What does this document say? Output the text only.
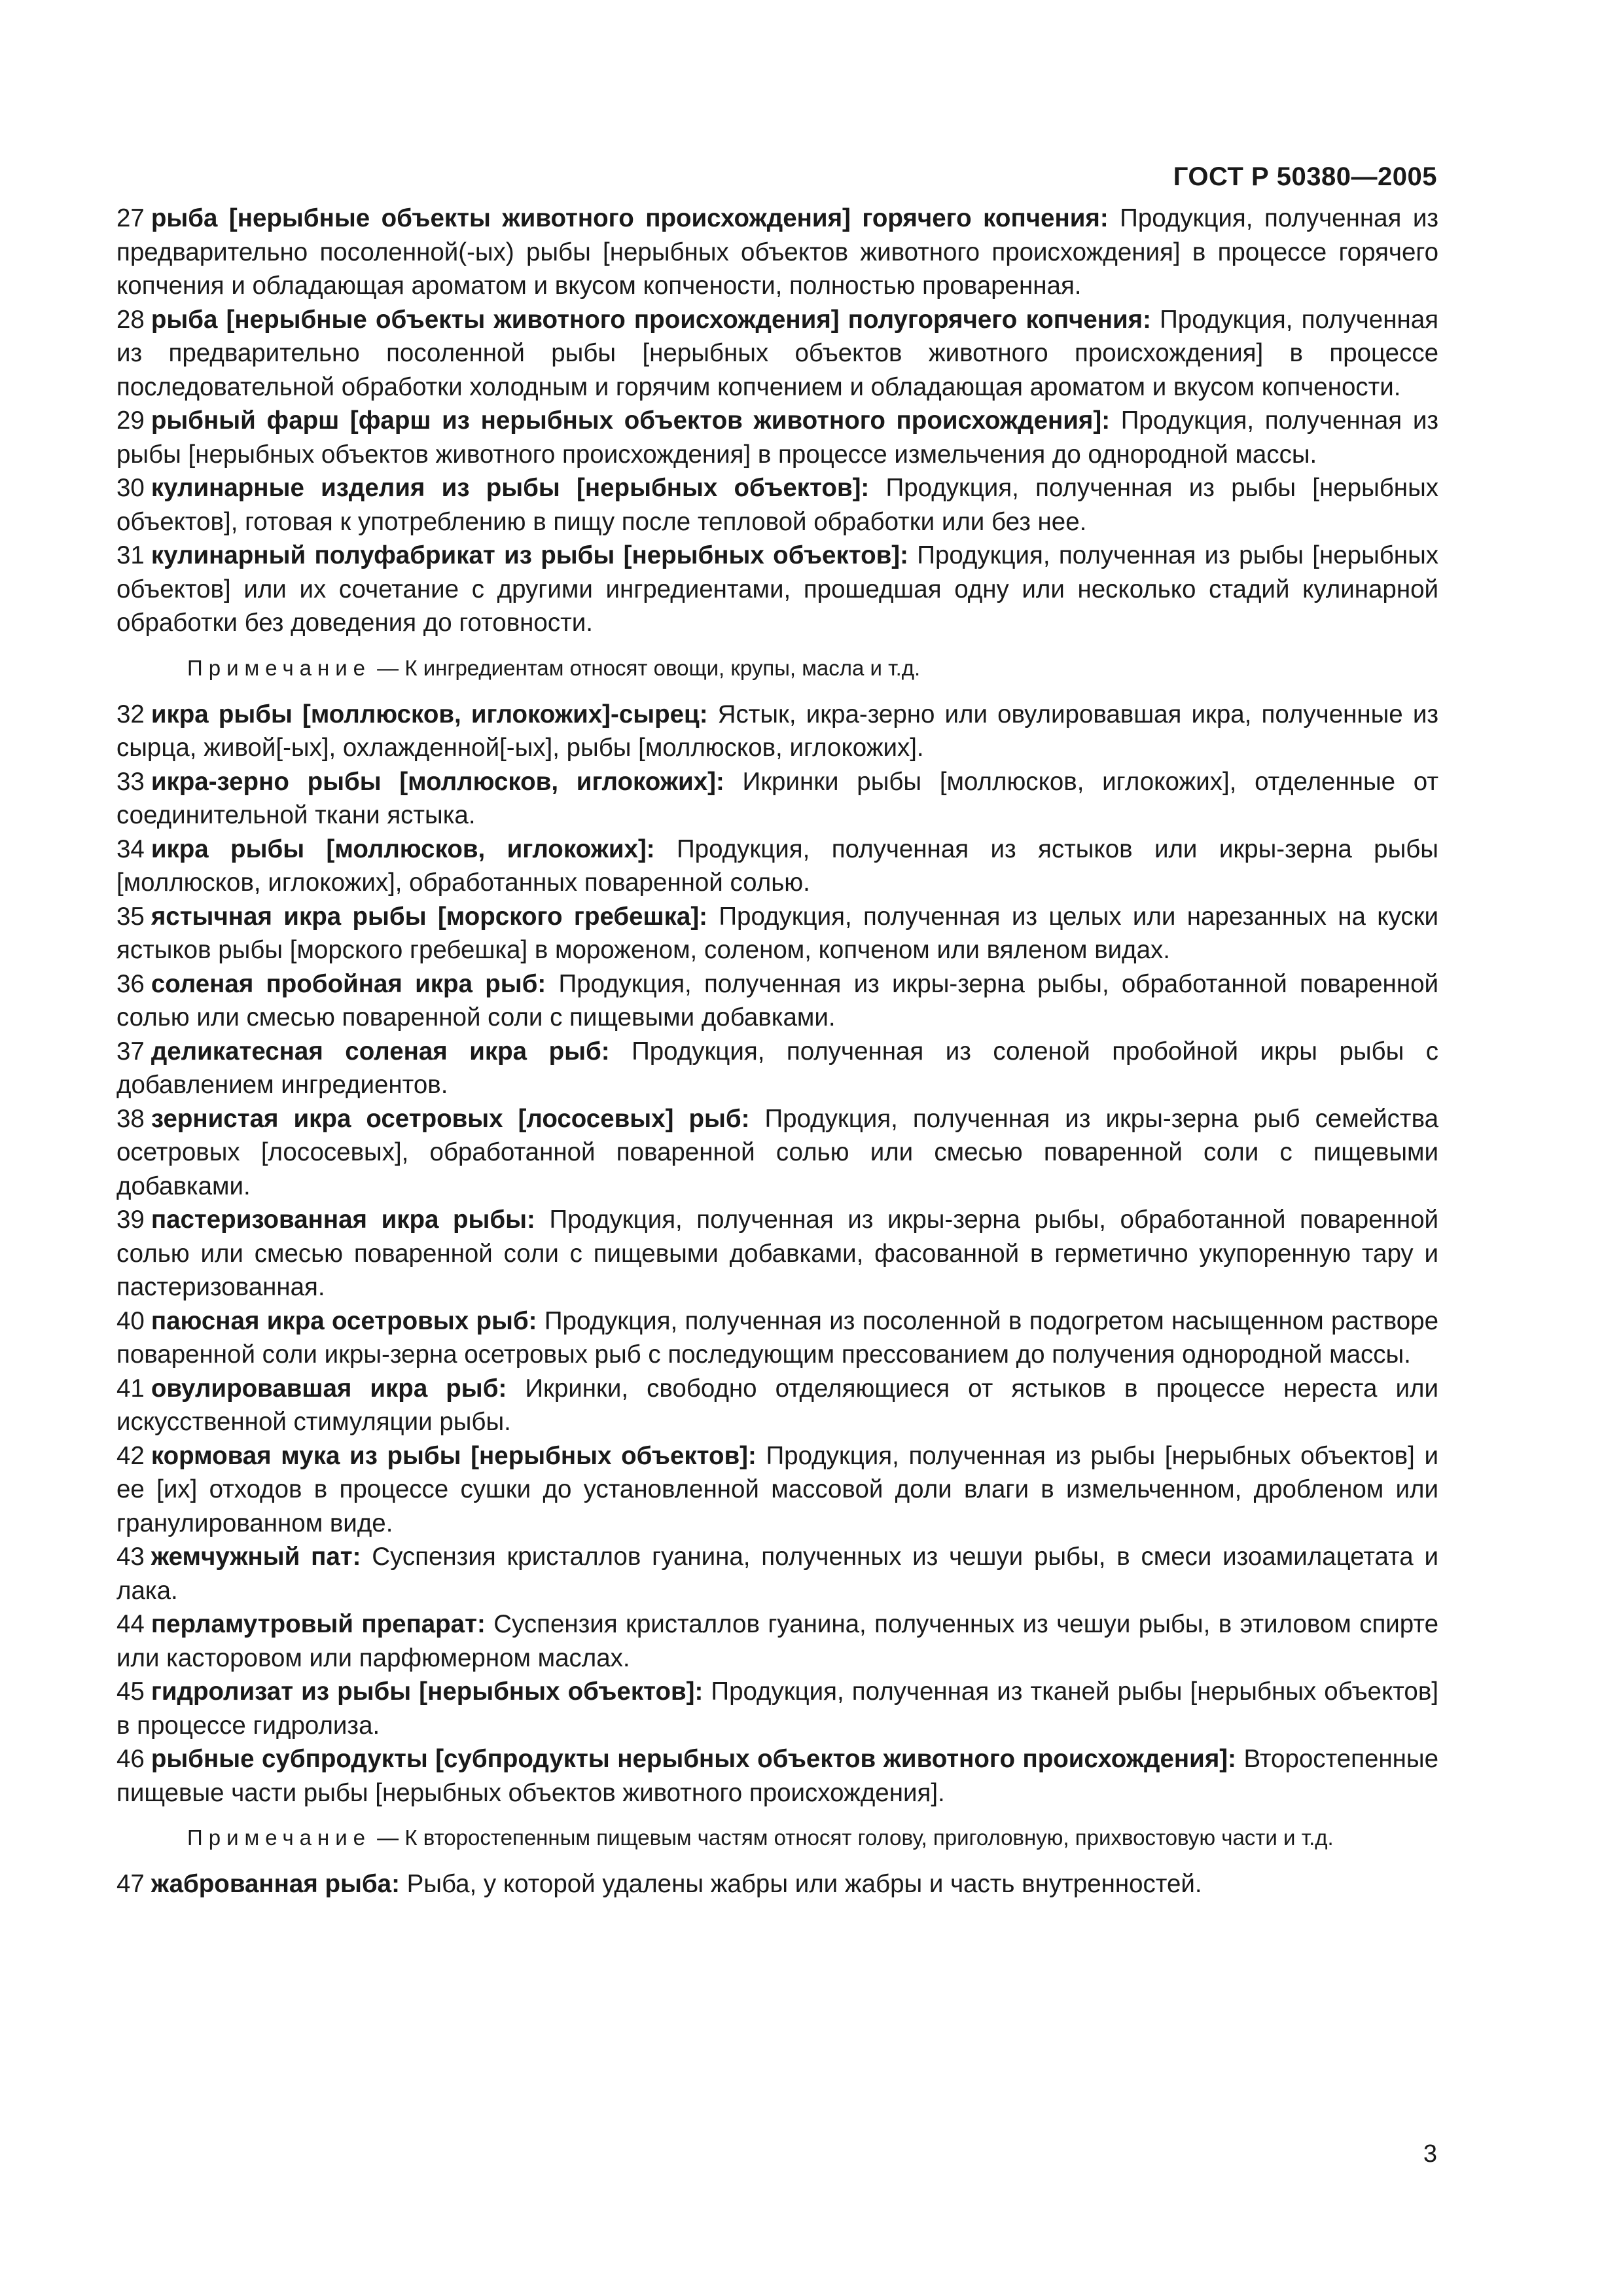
ГОСТ Р 50380—2005

27 рыба [нерыбные объекты животного происхождения] горячего копчения: Продукция, полученная из предварительно посоленной(-ых) рыбы [нерыбных объектов животного происхождения] в процессе горячего копчения и обладающая ароматом и вкусом копчености, полностью проваренная.

28 рыба [нерыбные объекты животного происхождения] полугорячего копчения: Продукция, полученная из предварительно посоленной рыбы [нерыбных объектов животного происхождения] в процессе последовательной обработки холодным и горячим копчением и обладающая ароматом и вкусом копчености.

29 рыбный фарш [фарш из нерыбных объектов животного происхождения]: Продукция, полученная из рыбы [нерыбных объектов животного происхождения] в процессе измельчения до однородной массы.

30 кулинарные изделия из рыбы [нерыбных объектов]: Продукция, полученная из рыбы [нерыбных объектов], готовая к употреблению в пищу после тепловой обработки или без нее.

31 кулинарный полуфабрикат из рыбы [нерыбных объектов]: Продукция, полученная из рыбы [нерыбных объектов] или их сочетание с другими ингредиентами, прошедшая одну или несколько стадий кулинарной обработки без доведения до готовности.

Примечание — К ингредиентам относят овощи, крупы, масла и т.д.

32 икра рыбы [моллюсков, иглокожих]-сырец: Ястык, икра-зерно или овулировавшая икра, полученные из сырца, живой[-ых], охлажденной[-ых], рыбы [моллюсков, иглокожих].

33 икра-зерно рыбы [моллюсков, иглокожих]: Икринки рыбы [моллюсков, иглокожих], отделенные от соединительной ткани ястыка.

34 икра рыбы [моллюсков, иглокожих]: Продукция, полученная из ястыков или икры-зерна рыбы [моллюсков, иглокожих], обработанных поваренной солью.

35 ястычная икра рыбы [морского гребешка]: Продукция, полученная из целых или нарезанных на куски ястыков рыбы [морского гребешка] в мороженом, соленом, копченом или вяленом видах.

36 соленая пробойная икра рыб: Продукция, полученная из икры-зерна рыбы, обработанной поваренной солью или смесью поваренной соли с пищевыми добавками.

37 деликатесная соленая икра рыб: Продукция, полученная из соленой пробойной икры рыбы с добавлением ингредиентов.

38 зернистая икра осетровых [лососевых] рыб: Продукция, полученная из икры-зерна рыб семейства осетровых [лососевых], обработанной поваренной солью или смесью поваренной соли с пищевыми добавками.

39 пастеризованная икра рыбы: Продукция, полученная из икры-зерна рыбы, обработанной поваренной солью или смесью поваренной соли с пищевыми добавками, фасованной в герметично укупоренную тару и пастеризованная.

40 паюсная икра осетровых рыб: Продукция, полученная из посоленной в подогретом насыщенном растворе поваренной соли икры-зерна осетровых рыб с последующим прессованием до получения однородной массы.

41 овулировавшая икра рыб: Икринки, свободно отделяющиеся от ястыков в процессе нереста или искусственной стимуляции рыбы.

42 кормовая мука из рыбы [нерыбных объектов]: Продукция, полученная из рыбы [нерыбных объектов] и ее [их] отходов в процессе сушки до установленной массовой доли влаги в измельченном, дробленом или гранулированном виде.

43 жемчужный пат: Суспензия кристаллов гуанина, полученных из чешуи рыбы, в смеси изоамилацетата и лака.

44 перламутровый препарат: Суспензия кристаллов гуанина, полученных из чешуи рыбы, в этиловом спирте или касторовом или парфюмерном маслах.

45 гидролизат из рыбы [нерыбных объектов]: Продукция, полученная из тканей рыбы [нерыбных объектов] в процессе гидролиза.

46 рыбные субпродукты [субпродукты нерыбных объектов животного происхождения]: Второстепенные пищевые части рыбы [нерыбных объектов животного происхождения].

Примечание — К второстепенным пищевым частям относят голову, приголовную, прихвостовую части и т.д.

47 жаброванная рыба: Рыба, у которой удалены жабры или жабры и часть внутренностей.

3
